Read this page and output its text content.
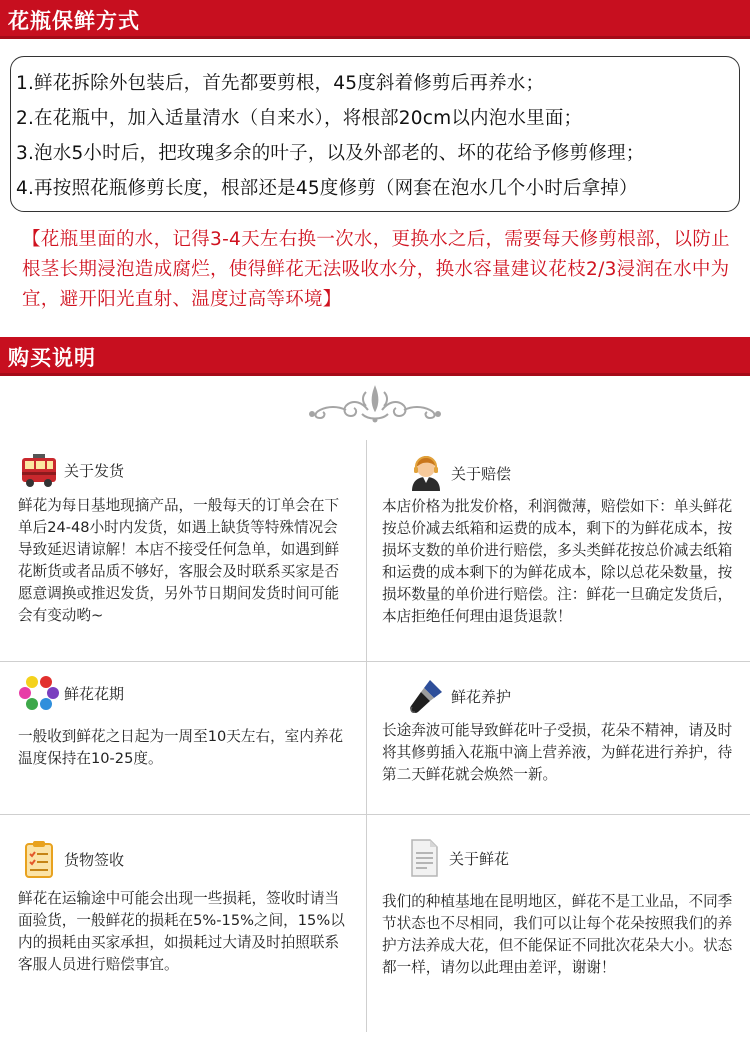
花瓶保鲜方式
1.鲜花拆除外包装后，首先都要剪根，45度斜着修剪后再养水；
2.在花瓶中，加入适量清水（自来水），将根部20cm以内泡水里面；
3.泡水5小时后，把玫瑰多余的叶子，以及外部老的、坏的花给予修剪修理；
4.再按照花瓶修剪长度，根部还是45度修剪（网套在泡水几个小时后拿掉）
【花瓶里面的水，记得3-4天左右换一次水，更换水之后，需要每天修剪根部，以防止根茎长期浸泡造成腐烂，使得鲜花无法吸收水分，换水容量建议花枝2/3浸润在水中为宜，避开阳光直射、温度过高等环境】
购买说明
关于发货
鲜花为每日基地现摘产品，一般每天的订单会在下单后24-48小时内发货，如遇上缺货等特殊情况会导致延迟请谅解！本店不接受任何急单，如遇到鲜花断货或者品质不够好，客服会及时联系买家是否愿意调换或推迟发货，另外节日期间发货时间可能会有变动哟~
关于赔偿
本店价格为批发价格，利润微薄，赔偿如下：单头鲜花按总价减去纸箱和运费的成本，剩下的为鲜花成本，按损坏支数的单价进行赔偿，多头类鲜花按总价减去纸箱和运费的成本剩下的为鲜花成本，除以总花朵数量，按损坏数量的单价进行赔偿。注：鲜花一旦确定发货后，本店拒绝任何理由退货退款！
鲜花花期
一般收到鲜花之日起为一周至10天左右，室内养花温度保持在10-25度。
鲜花养护
长途奔波可能导致鲜花叶子受损，花朵不精神，请及时将其修剪插入花瓶中滴上营养液，为鲜花进行养护，待第二天鲜花就会焕然一新。
货物签收
鲜花在运输途中可能会出现一些损耗，签收时请当面验货，一般鲜花的损耗在5%-15%之间，15%以内的损耗由买家承担，如损耗过大请及时拍照联系客服人员进行赔偿事宜。
关于鲜花
我们的种植基地在昆明地区，鲜花不是工业品，不同季节状态也不尽相同，我们可以让每个花朵按照我们的养护方法养成大花，但不能保证不同批次花朵大小。状态都一样，请勿以此理由差评，谢谢！
